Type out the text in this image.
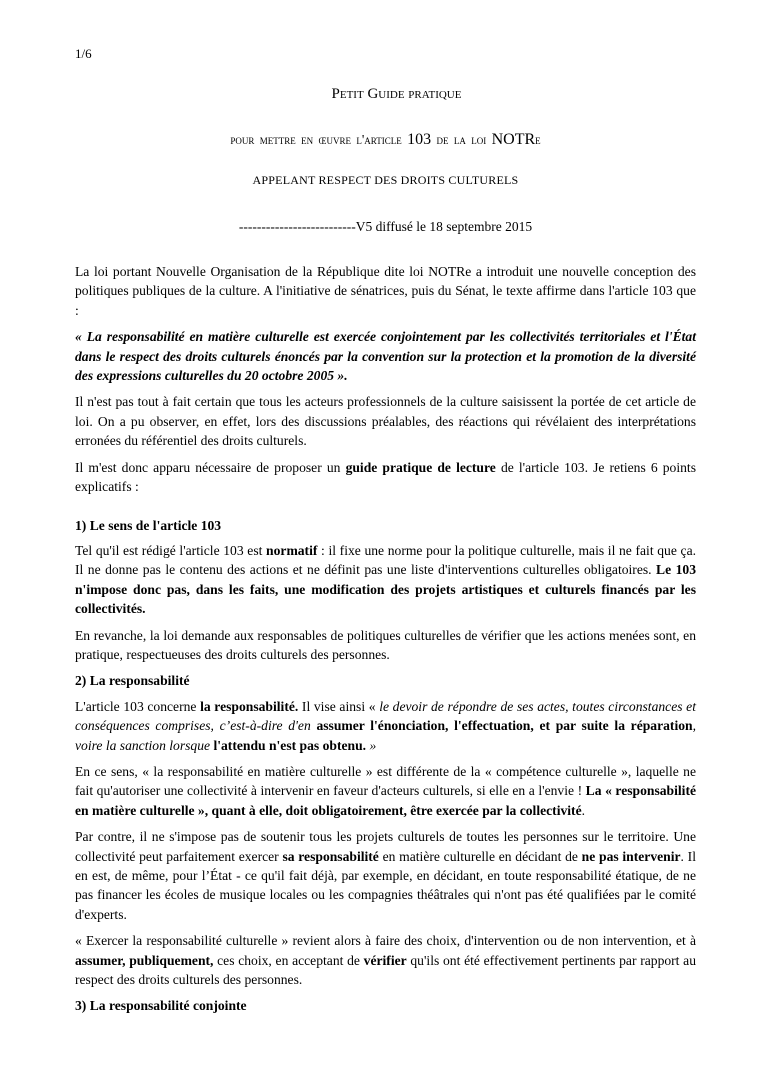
1/6
Petit Guide pratique
pour mettre en œuvre l'article 103 de la loi NOTRe
APPELANT RESPECT DES DROITS CULTURELS
--------------------------V5 diffusé le 18 septembre 2015

La loi portant Nouvelle Organisation de la République dite loi NOTRe a introduit une nouvelle conception des politiques publiques de la culture. A l'initiative de sénatrices, puis du Sénat, le texte affirme dans l'article 103 que :

« La responsabilité en matière culturelle est exercée conjointement par les collectivités territoriales et l'État dans le respect des droits culturels énoncés par la convention sur la protection et la promotion de la diversité des expressions culturelles du 20 octobre 2005 ».

Il n'est pas tout à fait certain que tous les acteurs professionnels de la culture saisissent la portée de cet article de loi. On a pu observer, en effet, lors des discussions préalables, des réactions qui révélaient des interprétations erronées du référentiel des droits culturels.

Il m'est donc apparu nécessaire de proposer un guide pratique de lecture de l'article 103. Je retiens 6 points explicatifs :

1) Le sens de l'article 103

Tel qu'il est rédigé l'article 103 est normatif : il fixe une norme pour la politique culturelle, mais il ne fait que ça. Il ne donne pas le contenu des actions et ne définit pas une liste d'interventions culturelles obligatoires. Le 103 n'impose donc pas, dans les faits, une modification des projets artistiques et culturels financés par les collectivités.

En revanche, la loi demande aux responsables de politiques culturelles de vérifier que les actions menées sont, en pratique, respectueuses des droits culturels des personnes.

2) La responsabilité

L'article 103 concerne la responsabilité. Il vise ainsi « le devoir de répondre de ses actes, toutes circonstances et conséquences comprises, c’est-à-dire d'en assumer l'énonciation, l'effectuation, et par suite la réparation, voire la sanction lorsque l'attendu n'est pas obtenu. »

En ce sens, « la responsabilité en matière culturelle » est différente de la « compétence culturelle », laquelle ne fait qu'autoriser une collectivité à intervenir en faveur d'acteurs culturels, si elle en a l'envie ! La « responsabilité en matière culturelle », quant à elle, doit obligatoirement, être exercée par la collectivité.

Par contre, il ne s'impose pas de soutenir tous les projets culturels de toutes les personnes sur le territoire. Une collectivité peut parfaitement exercer sa responsabilité en matière culturelle en décidant de ne pas intervenir. Il en est, de même, pour l’État - ce qu'il fait déjà, par exemple, en décidant, en toute responsabilité étatique, de ne pas financer les écoles de musique locales ou les compagnies théâtrales qui n'ont pas été qualifiées par le comité d'experts.

« Exercer la responsabilité culturelle » revient alors à faire des choix, d'intervention ou de non intervention, et à assumer, publiquement, ces choix, en acceptant de vérifier qu'ils ont été effectivement pertinents par rapport au respect des droits culturels des personnes.

3) La responsabilité conjointe
